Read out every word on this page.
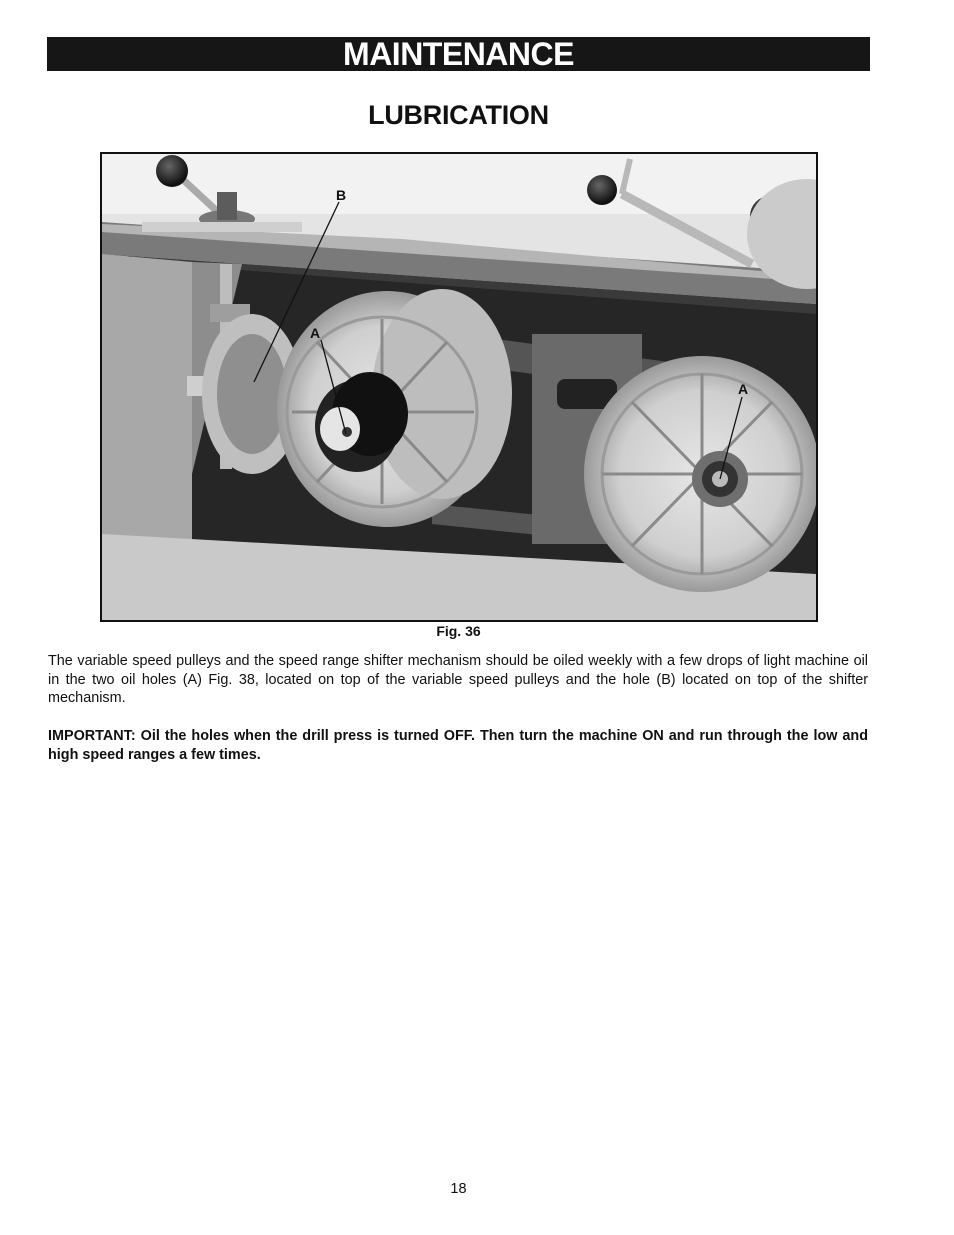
MAINTENANCE
LUBRICATION
B
A
A
Fig. 36
The variable speed pulleys and the speed range shifter mechanism should be oiled weekly with a few drops of light machine oil in the two oil holes (A) Fig. 38, located on top of the variable speed pulleys and the hole (B) located on top of the shifter mechanism.
IMPORTANT: Oil the holes when the drill press is turned OFF. Then turn the machine ON and run through the low and high speed ranges a few times.
18
